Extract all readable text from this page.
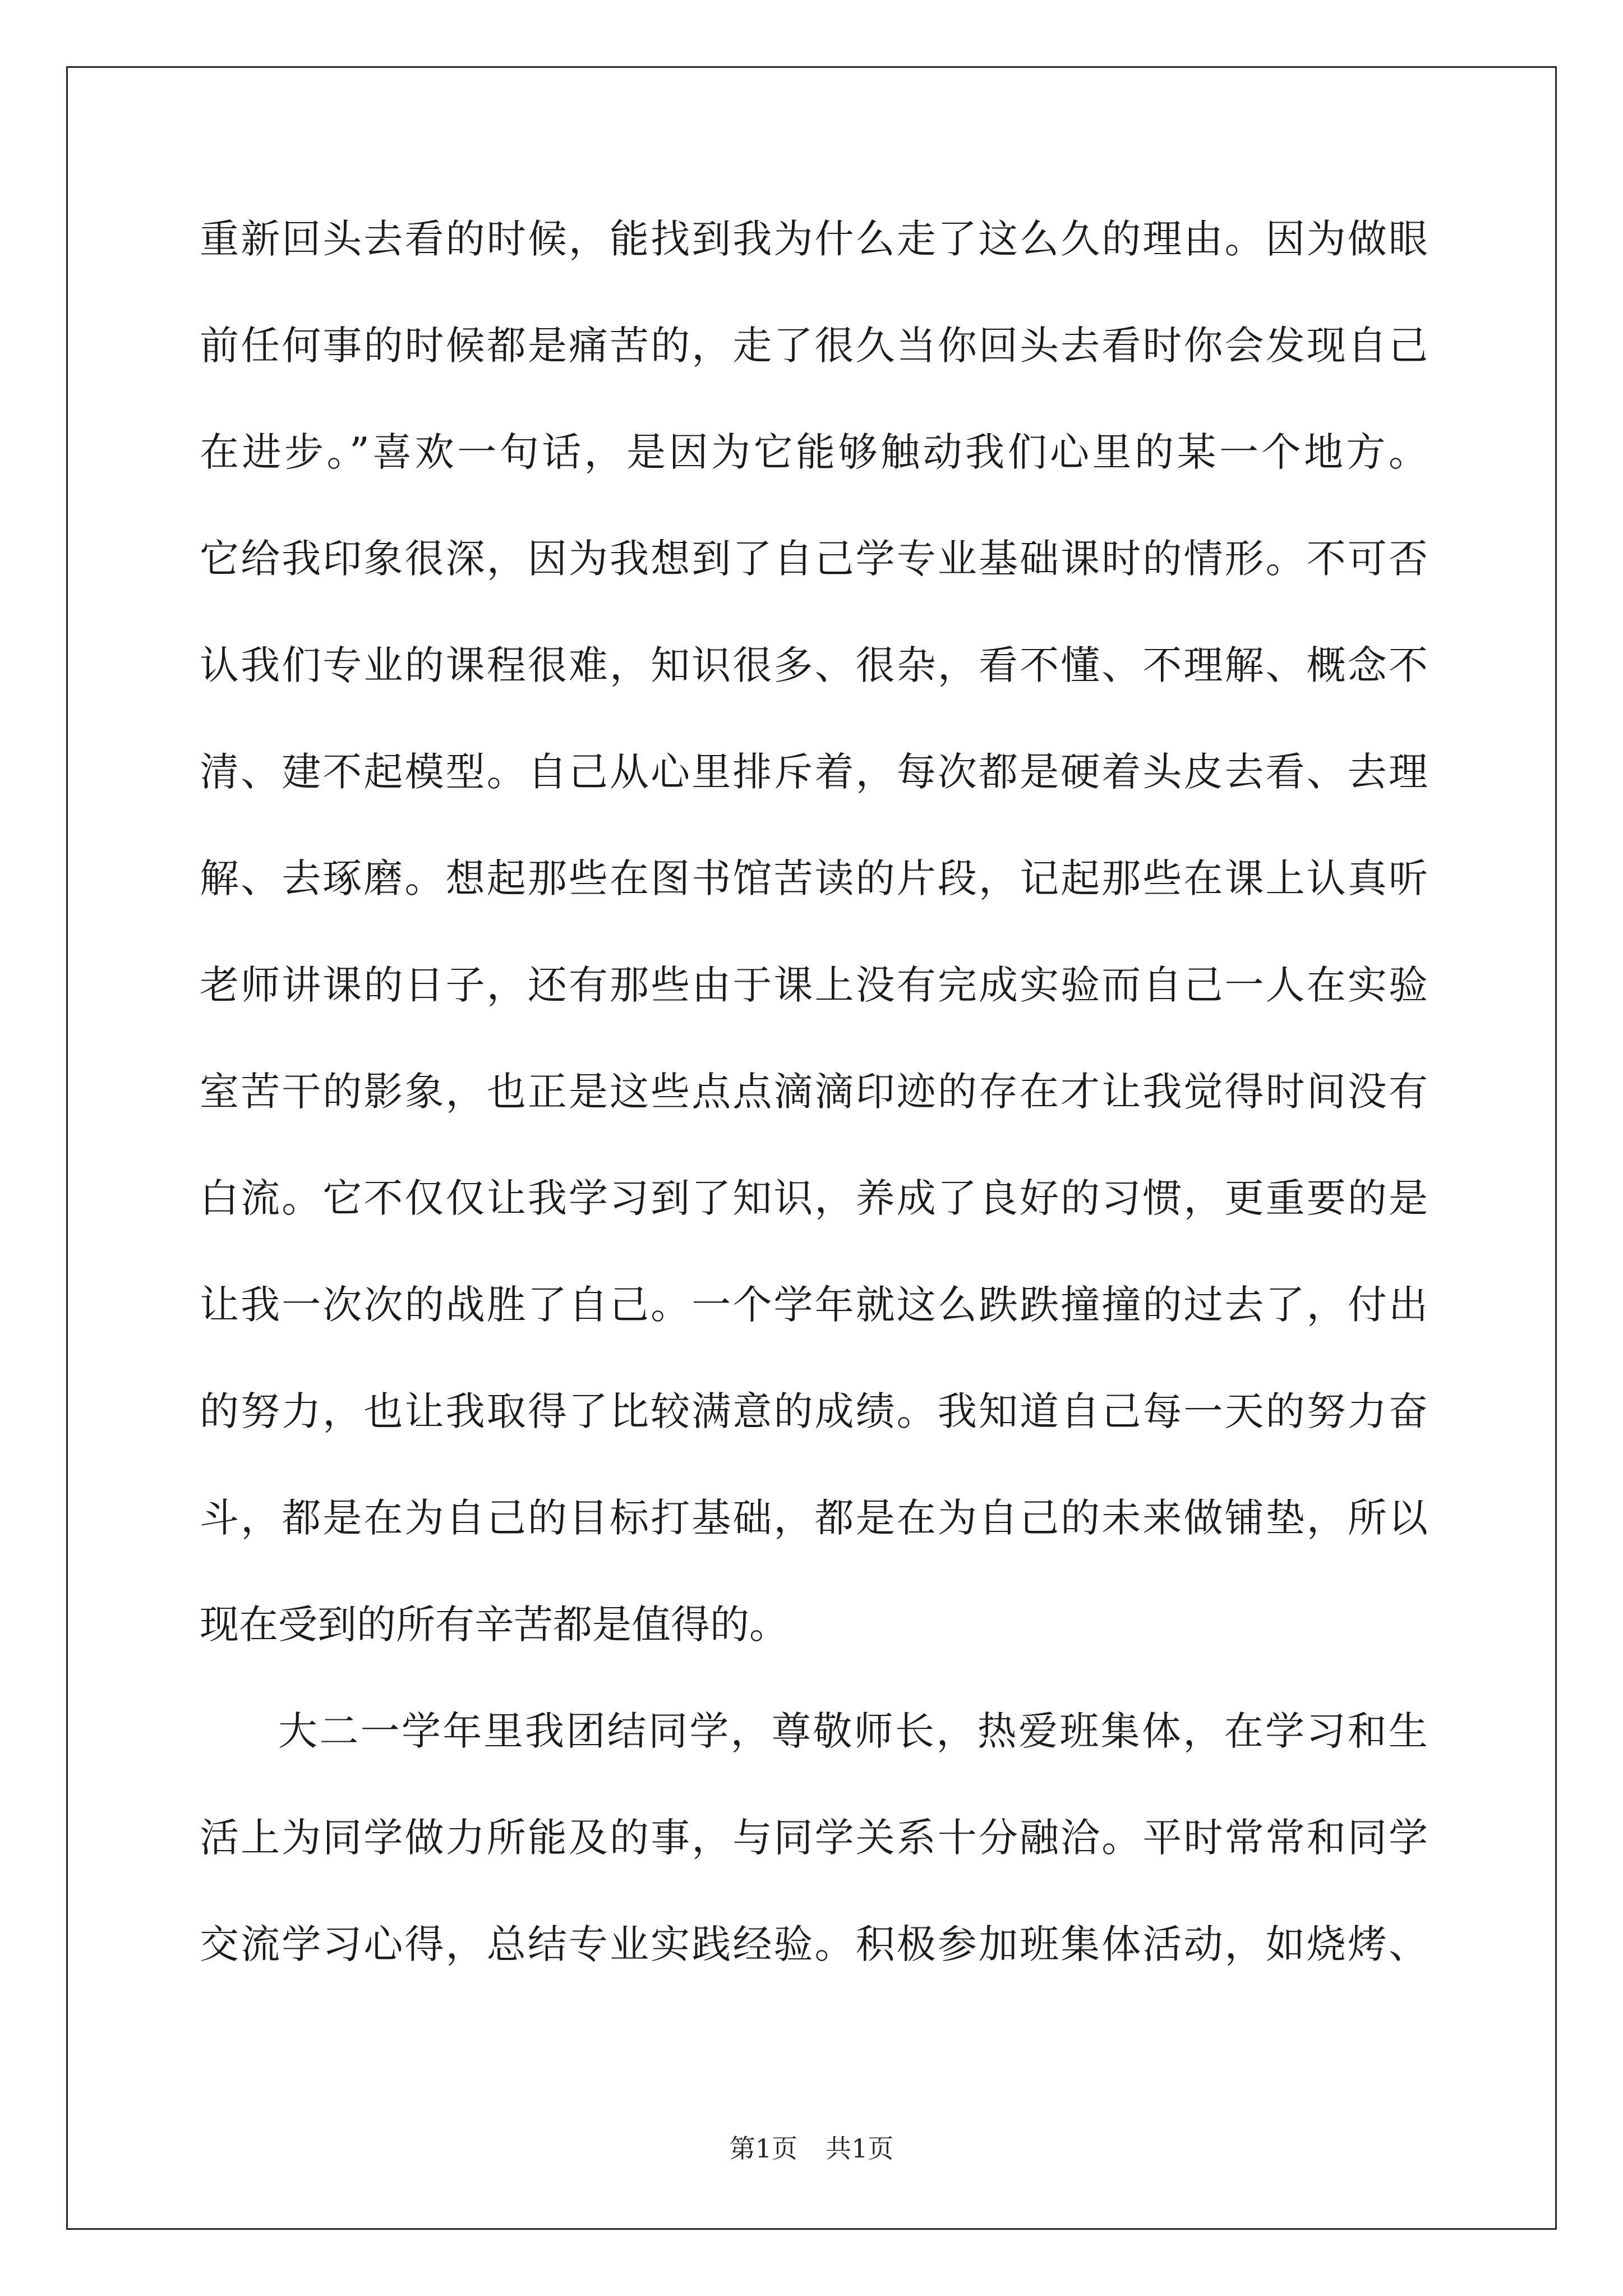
重新回头去看的时候，能找到我为什么走了这么久的理由。因为做眼
前任何事的时候都是痛苦的，走了很久当你回头去看时你会发现自己
在进步。”喜欢一句话，是因为它能够触动我们心里的某一个地方。
它给我印象很深，因为我想到了自己学专业基础课时的情形。不可否
认我们专业的课程很难，知识很多、很杂，看不懂、不理解、概念不
清、建不起模型。自己从心里排斥着，每次都是硬着头皮去看、去理
解、去琢磨。想起那些在图书馆苦读的片段，记起那些在课上认真听
老师讲课的日子，还有那些由于课上没有完成实验而自己一人在实验
室苦干的影象，也正是这些点点滴滴印迹的存在才让我觉得时间没有
白流。它不仅仅让我学习到了知识，养成了良好的习惯，更重要的是
让我一次次的战胜了自己。一个学年就这么跌跌撞撞的过去了，付出
的努力，也让我取得了比较满意的成绩。我知道自己每一天的努力奋
斗，都是在为自己的目标打基础，都是在为自己的未来做铺垫，所以
现在受到的所有辛苦都是值得的。
大二一学年里我团结同学，尊敬师长，热爱班集体，在学习和生
活上为同学做力所能及的事，与同学关系十分融洽。平时常常和同学
交流学习心得，总结专业实践经验。积极参加班集体活动，如烧烤、
第1页 共1页
